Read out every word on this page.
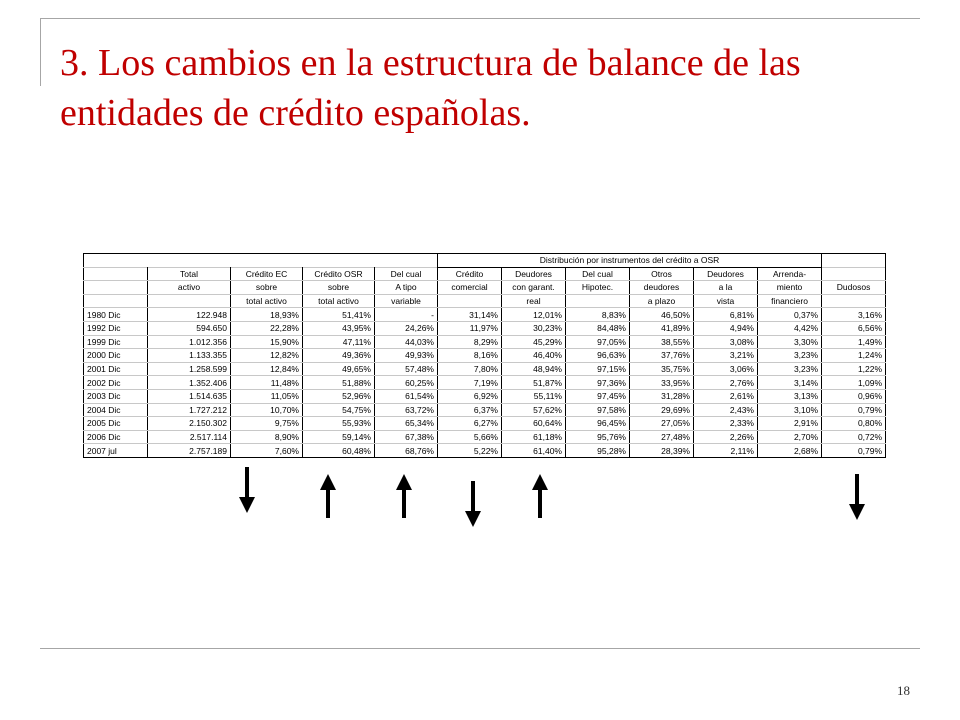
3. Los cambios en la estructura de balance de las entidades de crédito españolas.
					Distribución por instrumentos del crédito a OSR						
	Total	Crédito EC	Crédito OSR	Del cual	Crédito	Deudores	Del cual	Otros	Deudores	Arrenda-	
	activo	sobre	sobre	A tipo	comercial	con garant.	Hipotec.	deudores	a la	miento	Dudosos
		total activo	total activo	variable		real		a plazo	vista	financiero	
1980 Dic	122.948	18,93%	51,41%	-	31,14%	12,01%	8,83%	46,50%	6,81%	0,37%	3,16%
1992 Dic	594.650	22,28%	43,95%	24,26%	11,97%	30,23%	84,48%	41,89%	4,94%	4,42%	6,56%
1999 Dic	1.012.356	15,90%	47,11%	44,03%	8,29%	45,29%	97,05%	38,55%	3,08%	3,30%	1,49%
2000 Dic	1.133.355	12,82%	49,36%	49,93%	8,16%	46,40%	96,63%	37,76%	3,21%	3,23%	1,24%
2001 Dic	1.258.599	12,84%	49,65%	57,48%	7,80%	48,94%	97,15%	35,75%	3,06%	3,23%	1,22%
2002 Dic	1.352.406	11,48%	51,88%	60,25%	7,19%	51,87%	97,36%	33,95%	2,76%	3,14%	1,09%
2003 Dic	1.514.635	11,05%	52,96%	61,54%	6,92%	55,11%	97,45%	31,28%	2,61%	3,13%	0,96%
2004 Dic	1.727.212	10,70%	54,75%	63,72%	6,37%	57,62%	97,58%	29,69%	2,43%	3,10%	0,79%
2005 Dic	2.150.302	9,75%	55,93%	65,34%	6,27%	60,64%	96,45%	27,05%	2,33%	2,91%	0,80%
2006 Dic	2.517.114	8,90%	59,14%	67,38%	5,66%	61,18%	95,76%	27,48%	2,26%	2,70%	0,72%
2007 jul	2.757.189	7,60%	60,48%	68,76%	5,22%	61,40%	95,28%	28,39%	2,11%	2,68%	0,79%
18
